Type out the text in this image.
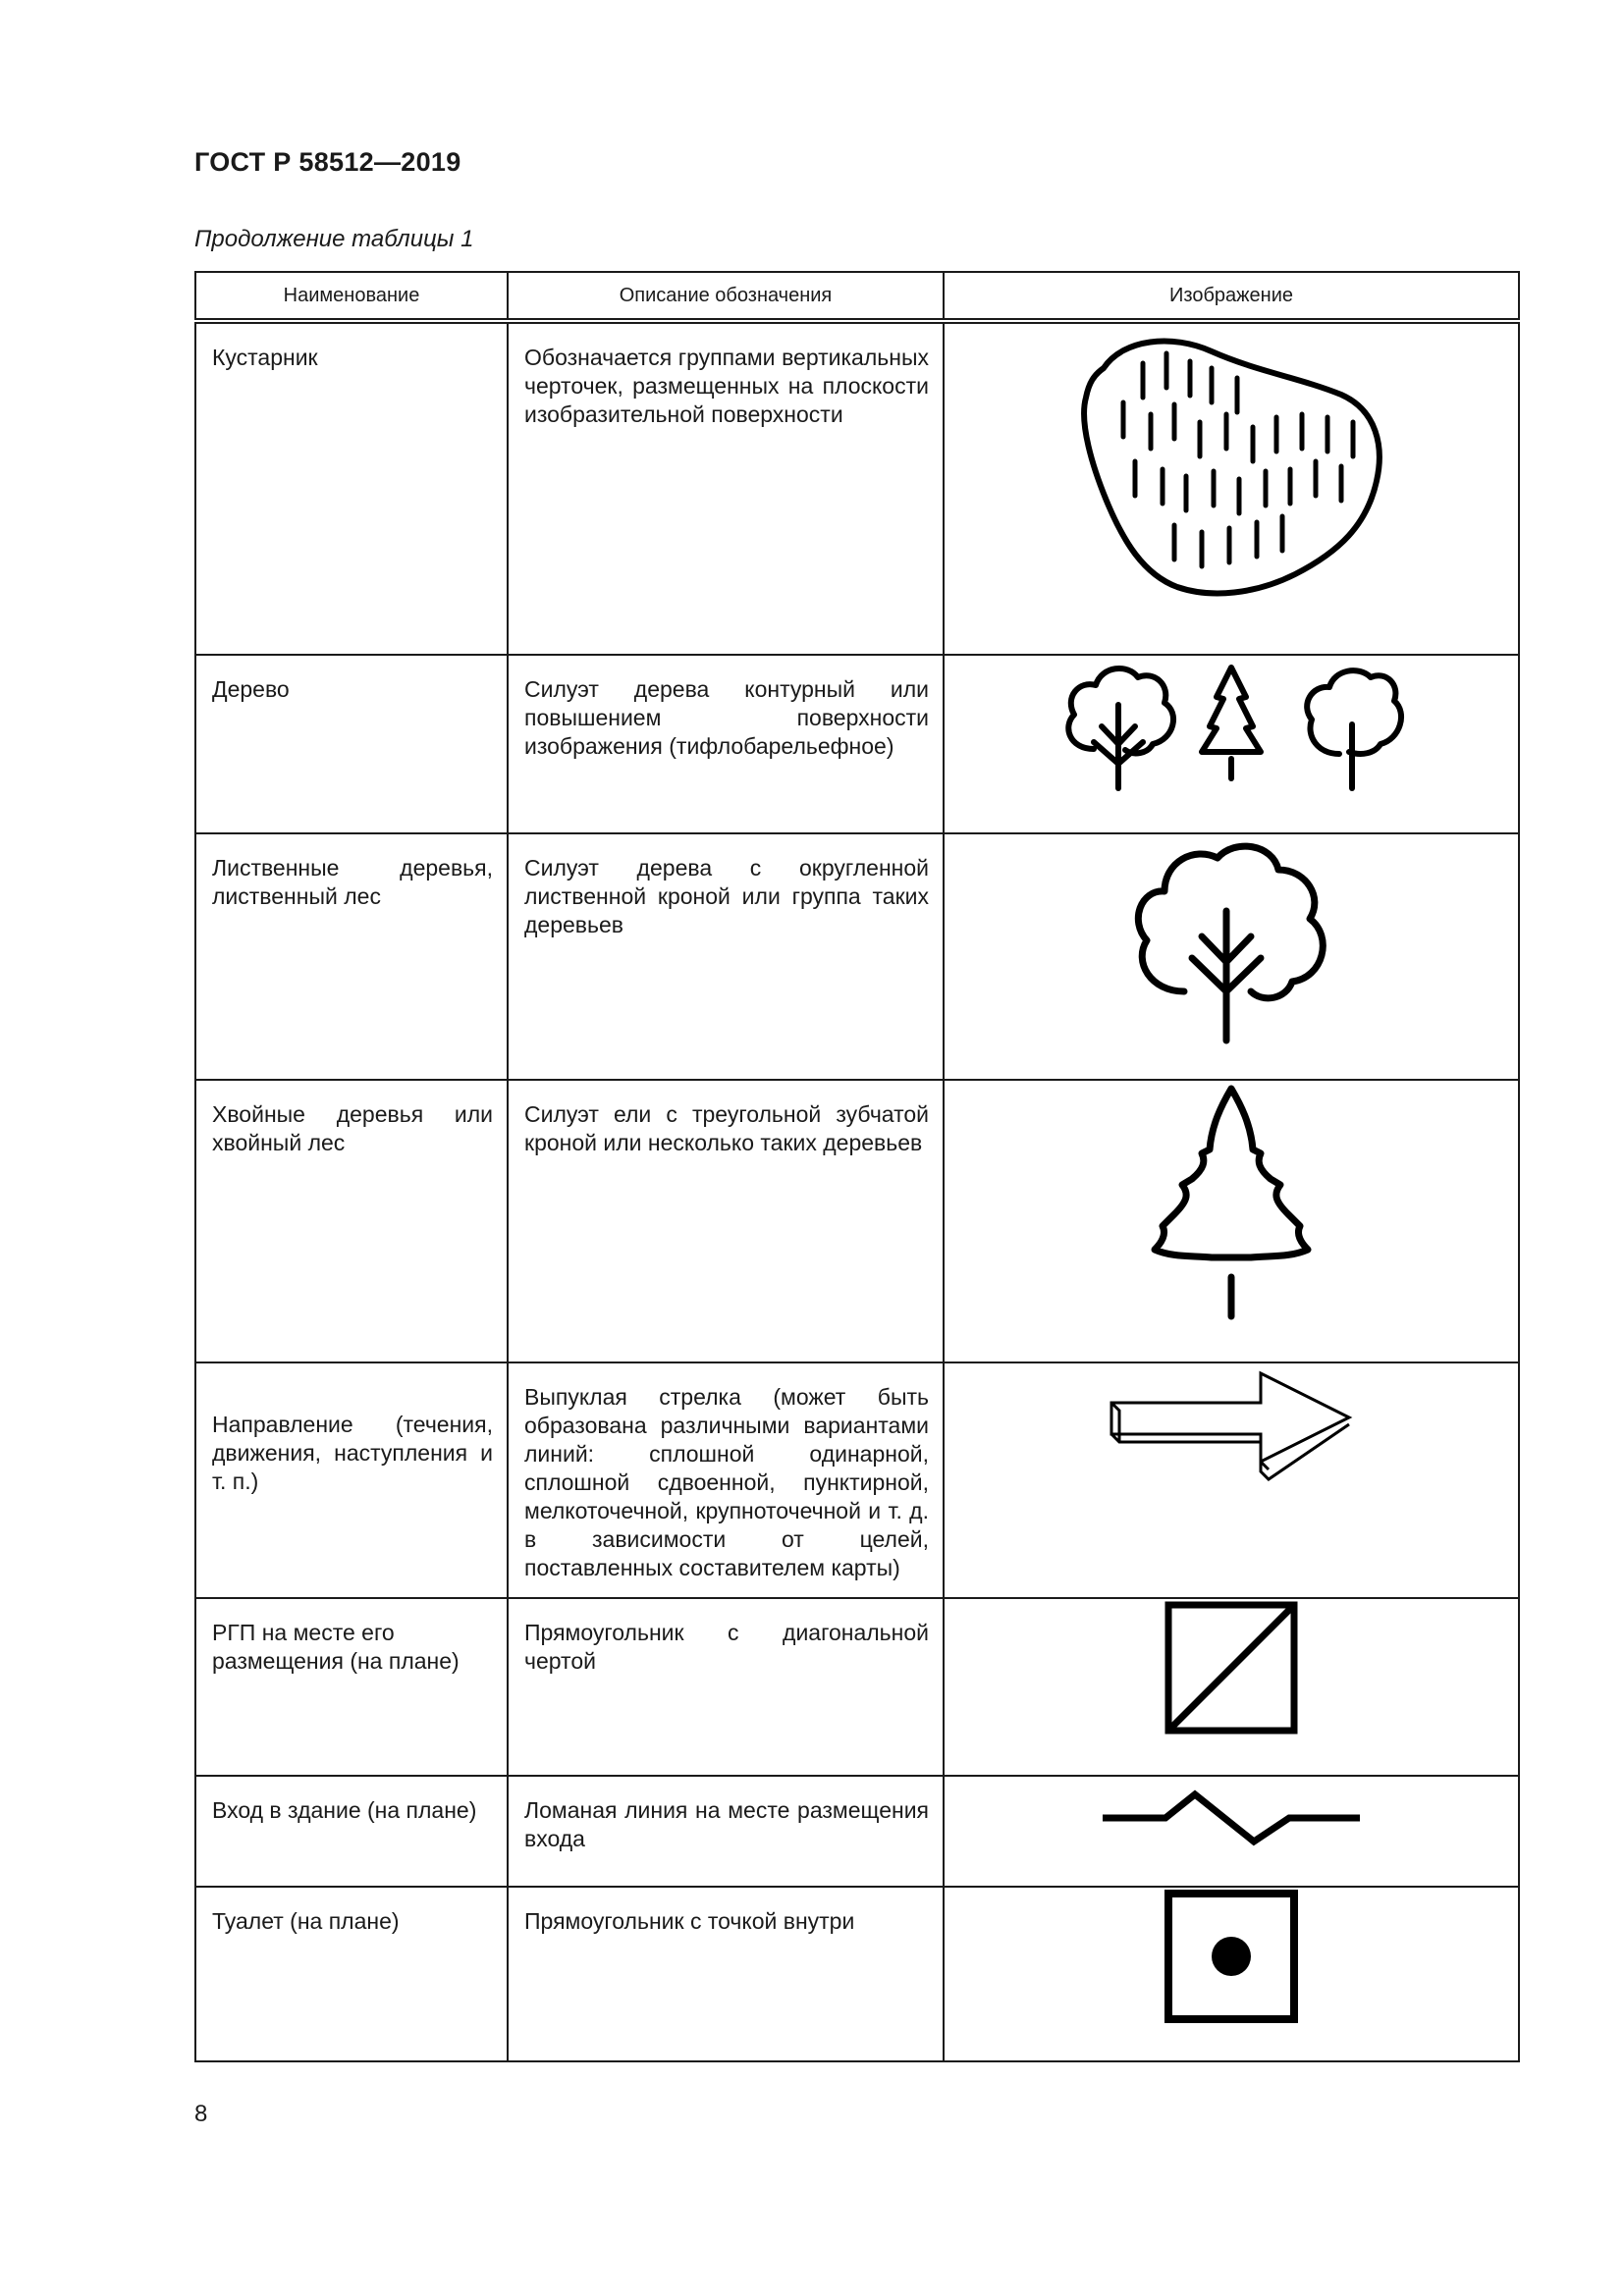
ГОСТ Р 58512—2019
Продолжение таблицы 1
Наименование	Описание обозначения	Изображение

Кустарник	Обозначается группами вертикальных черточек, размещенных на плоскости изобразительной поверхности

Дерево	Силуэт дерева контурный или повышением поверхности изображения (тифлобарельефное)

Лиственные деревья, лиственный лес	Силуэт дерева с округленной лиственной кроной или группа таких деревьев

Хвойные деревья или хвойный лес	Силуэт ели с треугольной зубчатой кроной или несколько таких деревьев

Направление (течения, движения, наступления и т. п.)	Выпуклая стрелка (может быть образована различными вариантами линий: сплошной одинарной, сплошной сдвоенной, пунктирной, мелкоточечной, крупноточечной и т. д. в зависимости от целей, поставленных составителем карты)

РГП на месте его размещения (на плане)	Прямоугольник с диагональной чертой

Вход в здание (на плане)	Ломаная линия на месте размещения входа

Туалет (на плане)	Прямоугольник с точкой внутри

8
